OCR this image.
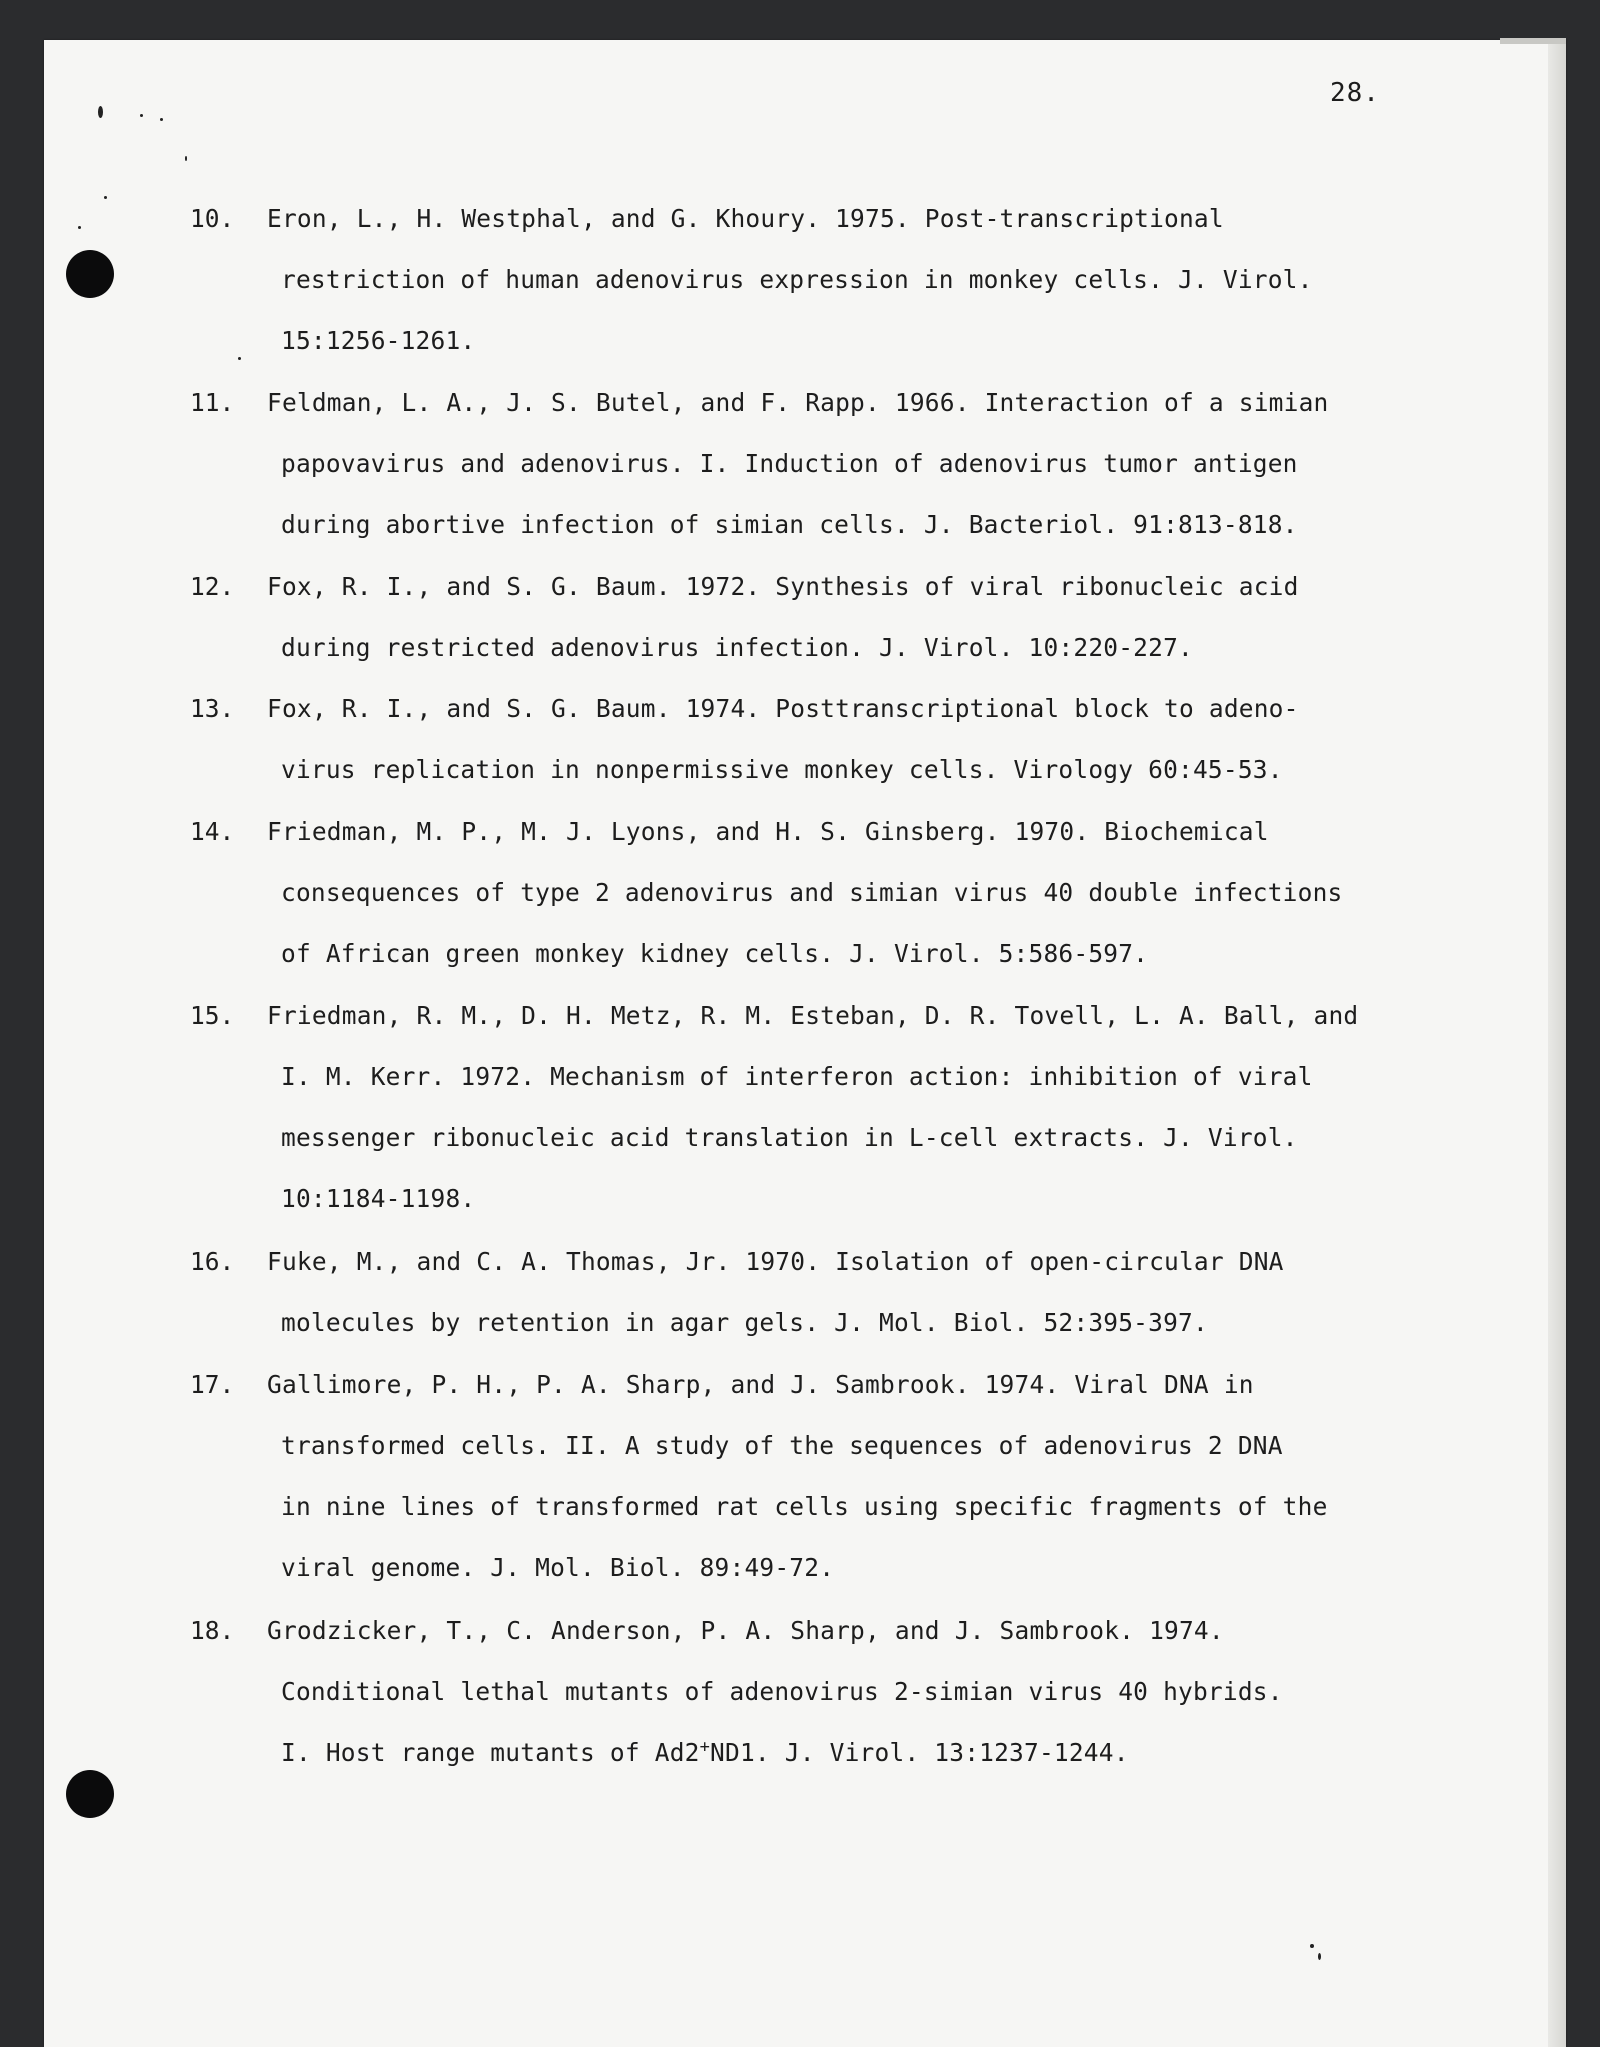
28.
10. Eron, L., H. Westphal, and G. Khoury. 1975. Post-transcriptional
restriction of human adenovirus expression in monkey cells. J. Virol.
15:1256-1261.
11. Feldman, L. A., J. S. Butel, and F. Rapp. 1966. Interaction of a simian
papovavirus and adenovirus. I. Induction of adenovirus tumor antigen
during abortive infection of simian cells. J. Bacteriol. 91:813-818.
12. Fox, R. I., and S. G. Baum. 1972. Synthesis of viral ribonucleic acid
during restricted adenovirus infection. J. Virol. 10:220-227.
13. Fox, R. I., and S. G. Baum. 1974. Posttranscriptional block to adeno-
virus replication in nonpermissive monkey cells. Virology 60:45-53.
14. Friedman, M. P., M. J. Lyons, and H. S. Ginsberg. 1970. Biochemical
consequences of type 2 adenovirus and simian virus 40 double infections
of African green monkey kidney cells. J. Virol. 5:586-597.
15. Friedman, R. M., D. H. Metz, R. M. Esteban, D. R. Tovell, L. A. Ball, and
I. M. Kerr. 1972. Mechanism of interferon action: inhibition of viral
messenger ribonucleic acid translation in L-cell extracts. J. Virol.
10:1184-1198.
16. Fuke, M., and C. A. Thomas, Jr. 1970. Isolation of open-circular DNA
molecules by retention in agar gels. J. Mol. Biol. 52:395-397.
17. Gallimore, P. H., P. A. Sharp, and J. Sambrook. 1974. Viral DNA in
transformed cells. II. A study of the sequences of adenovirus 2 DNA
in nine lines of transformed rat cells using specific fragments of the
viral genome. J. Mol. Biol. 89:49-72.
18. Grodzicker, T., C. Anderson, P. A. Sharp, and J. Sambrook. 1974.
Conditional lethal mutants of adenovirus 2-simian virus 40 hybrids.
I. Host range mutants of Ad2+ND1. J. Virol. 13:1237-1244.
